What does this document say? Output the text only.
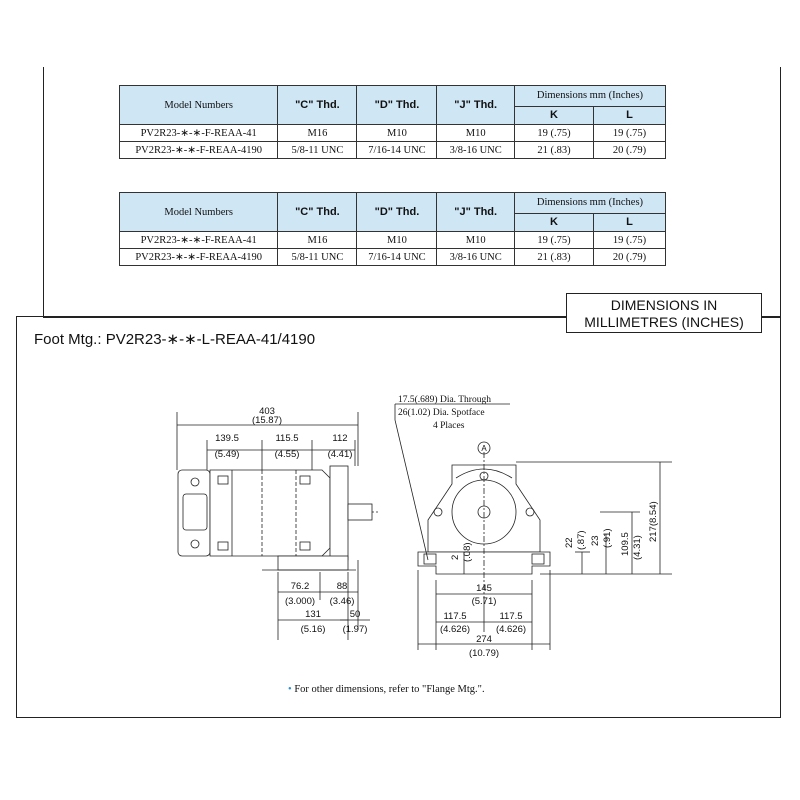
Model Numbers	"C" Thd.	"D" Thd.	"J" Thd.	Dimensions mm (Inches)	
				K	L
PV2R23-∗-∗-F-REAA-41	M16	M10	M10	19 (.75)	19 (.75)
PV2R23-∗-∗-F-REAA-4190	5/8-11 UNC	7/16-14 UNC	3/8-16 UNC	21 (.83)	20 (.79)
Model Numbers	"C" Thd.	"D" Thd.	"J" Thd.	Dimensions mm (Inches)	
				K	L
PV2R23-∗-∗-F-REAA-41	M16	M10	M10	19 (.75)	19 (.75)
PV2R23-∗-∗-F-REAA-4190	5/8-11 UNC	7/16-14 UNC	3/8-16 UNC	21 (.83)	20 (.79)
DIMENSIONS IN
MILLIMETRES (INCHES)
Foot Mtg.: PV2R23-∗-∗-L-REAA-41/4190
403
(15.87)
139.5
(5.49)
115.5
(4.55)
112
(4.41)
76.2
(3.000)
88
(3.46)
131
(5.16)
50
(1.97)
17.5(.689) Dia. Through
26(1.02) Dia. Spotface
4 Places
A
2 (.08)	22 (.87) 23 (.91) 109.5 (4.31)
217(8.54)
145
(5.71)
117.5
(4.626)
117.5
(4.626)
274
(10.79)
• For other dimensions, refer to "Flange Mtg.".
